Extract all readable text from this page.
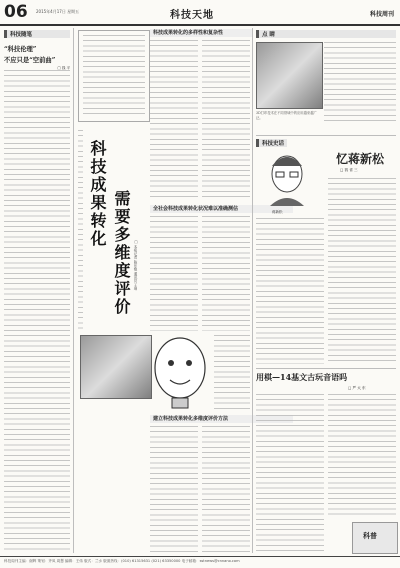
06 2015年4月17日 星期五	科技天地	科技周刊
科技随笔
“科技伦理”
不应只是“空前曲”
□ 钱 平
科技成果转化 需要多维度评价 □ 本报记者 陈东艳 通讯员 王坤
科技成果转化的多样性和复杂性
全社会科技成果转化状况难以准确测估
建立科技成果转化多维度评价方法
点 睛
3D打印技术在不同领域中的应用越来越广泛。
科技史话
忆蒋新松
□ 钱 省 三
蒋新松
用棋—14基文古玩音语吗
□ 严 大 东
科普
科技周刊主编：谢辉 策划：齐凤 周慧 编辑：王伟 版式：兰水 版面热线：(010) 61315631 (021) 63350000 电子邮箱：sstnews@cnnano.com
